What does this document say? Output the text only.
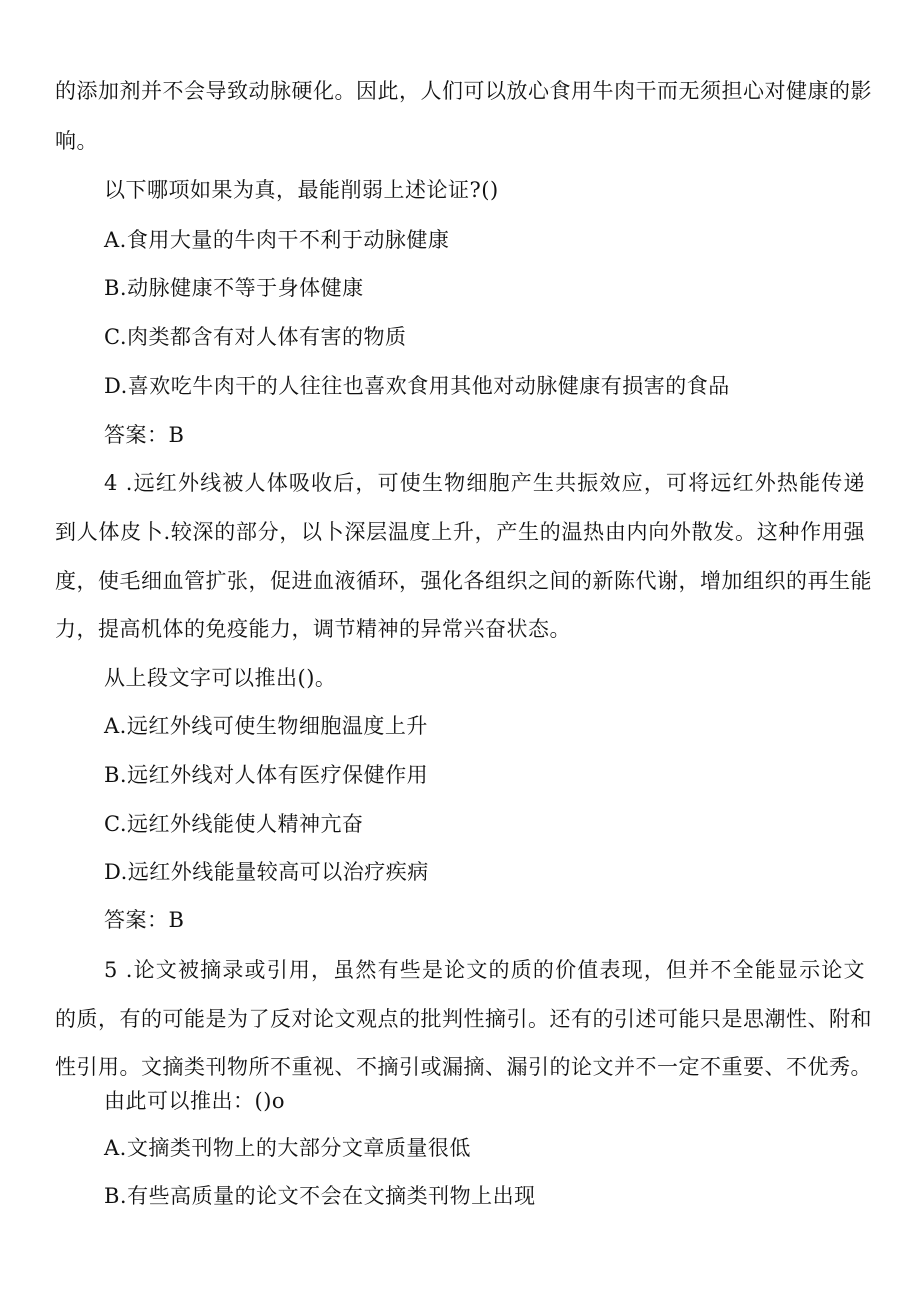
的添加剂并不会导致动脉硬化。因此，人们可以放心食用牛肉干而无须担心对健康的影
响。
以下哪项如果为真，最能削弱上述论证?()
A.食用大量的牛肉干不利于动脉健康
B.动脉健康不等于身体健康
C.肉类都含有对人体有害的物质
D.喜欢吃牛肉干的人往往也喜欢食用其他对动脉健康有损害的食品
答案：B
4 .远红外线被人体吸收后，可使生物细胞产生共振效应，可将远红外热能传递
到人体皮卜.较深的部分，以卜深层温度上升，产生的温热由内向外散发。这种作用强
度，使毛细血管扩张，促进血液循环，强化各组织之间的新陈代谢，增加组织的再生能
力，提高机体的免疫能力，调节精神的异常兴奋状态。
从上段文字可以推出()。
A.远红外线可使生物细胞温度上升
B.远红外线对人体有医疗保健作用
C.远红外线能使人精神亢奋
D.远红外线能量较高可以治疗疾病
答案：B
5 .论文被摘录或引用，虽然有些是论文的质的价值表现，但并不全能显示论文
的质，有的可能是为了反对论文观点的批判性摘引。还有的引述可能只是思潮性、附和
性引用。文摘类刊物所不重视、不摘引或漏摘、漏引的论文并不一定不重要、不优秀。
由此可以推出：()o
A.文摘类刊物上的大部分文章质量很低
B.有些高质量的论文不会在文摘类刊物上出现
